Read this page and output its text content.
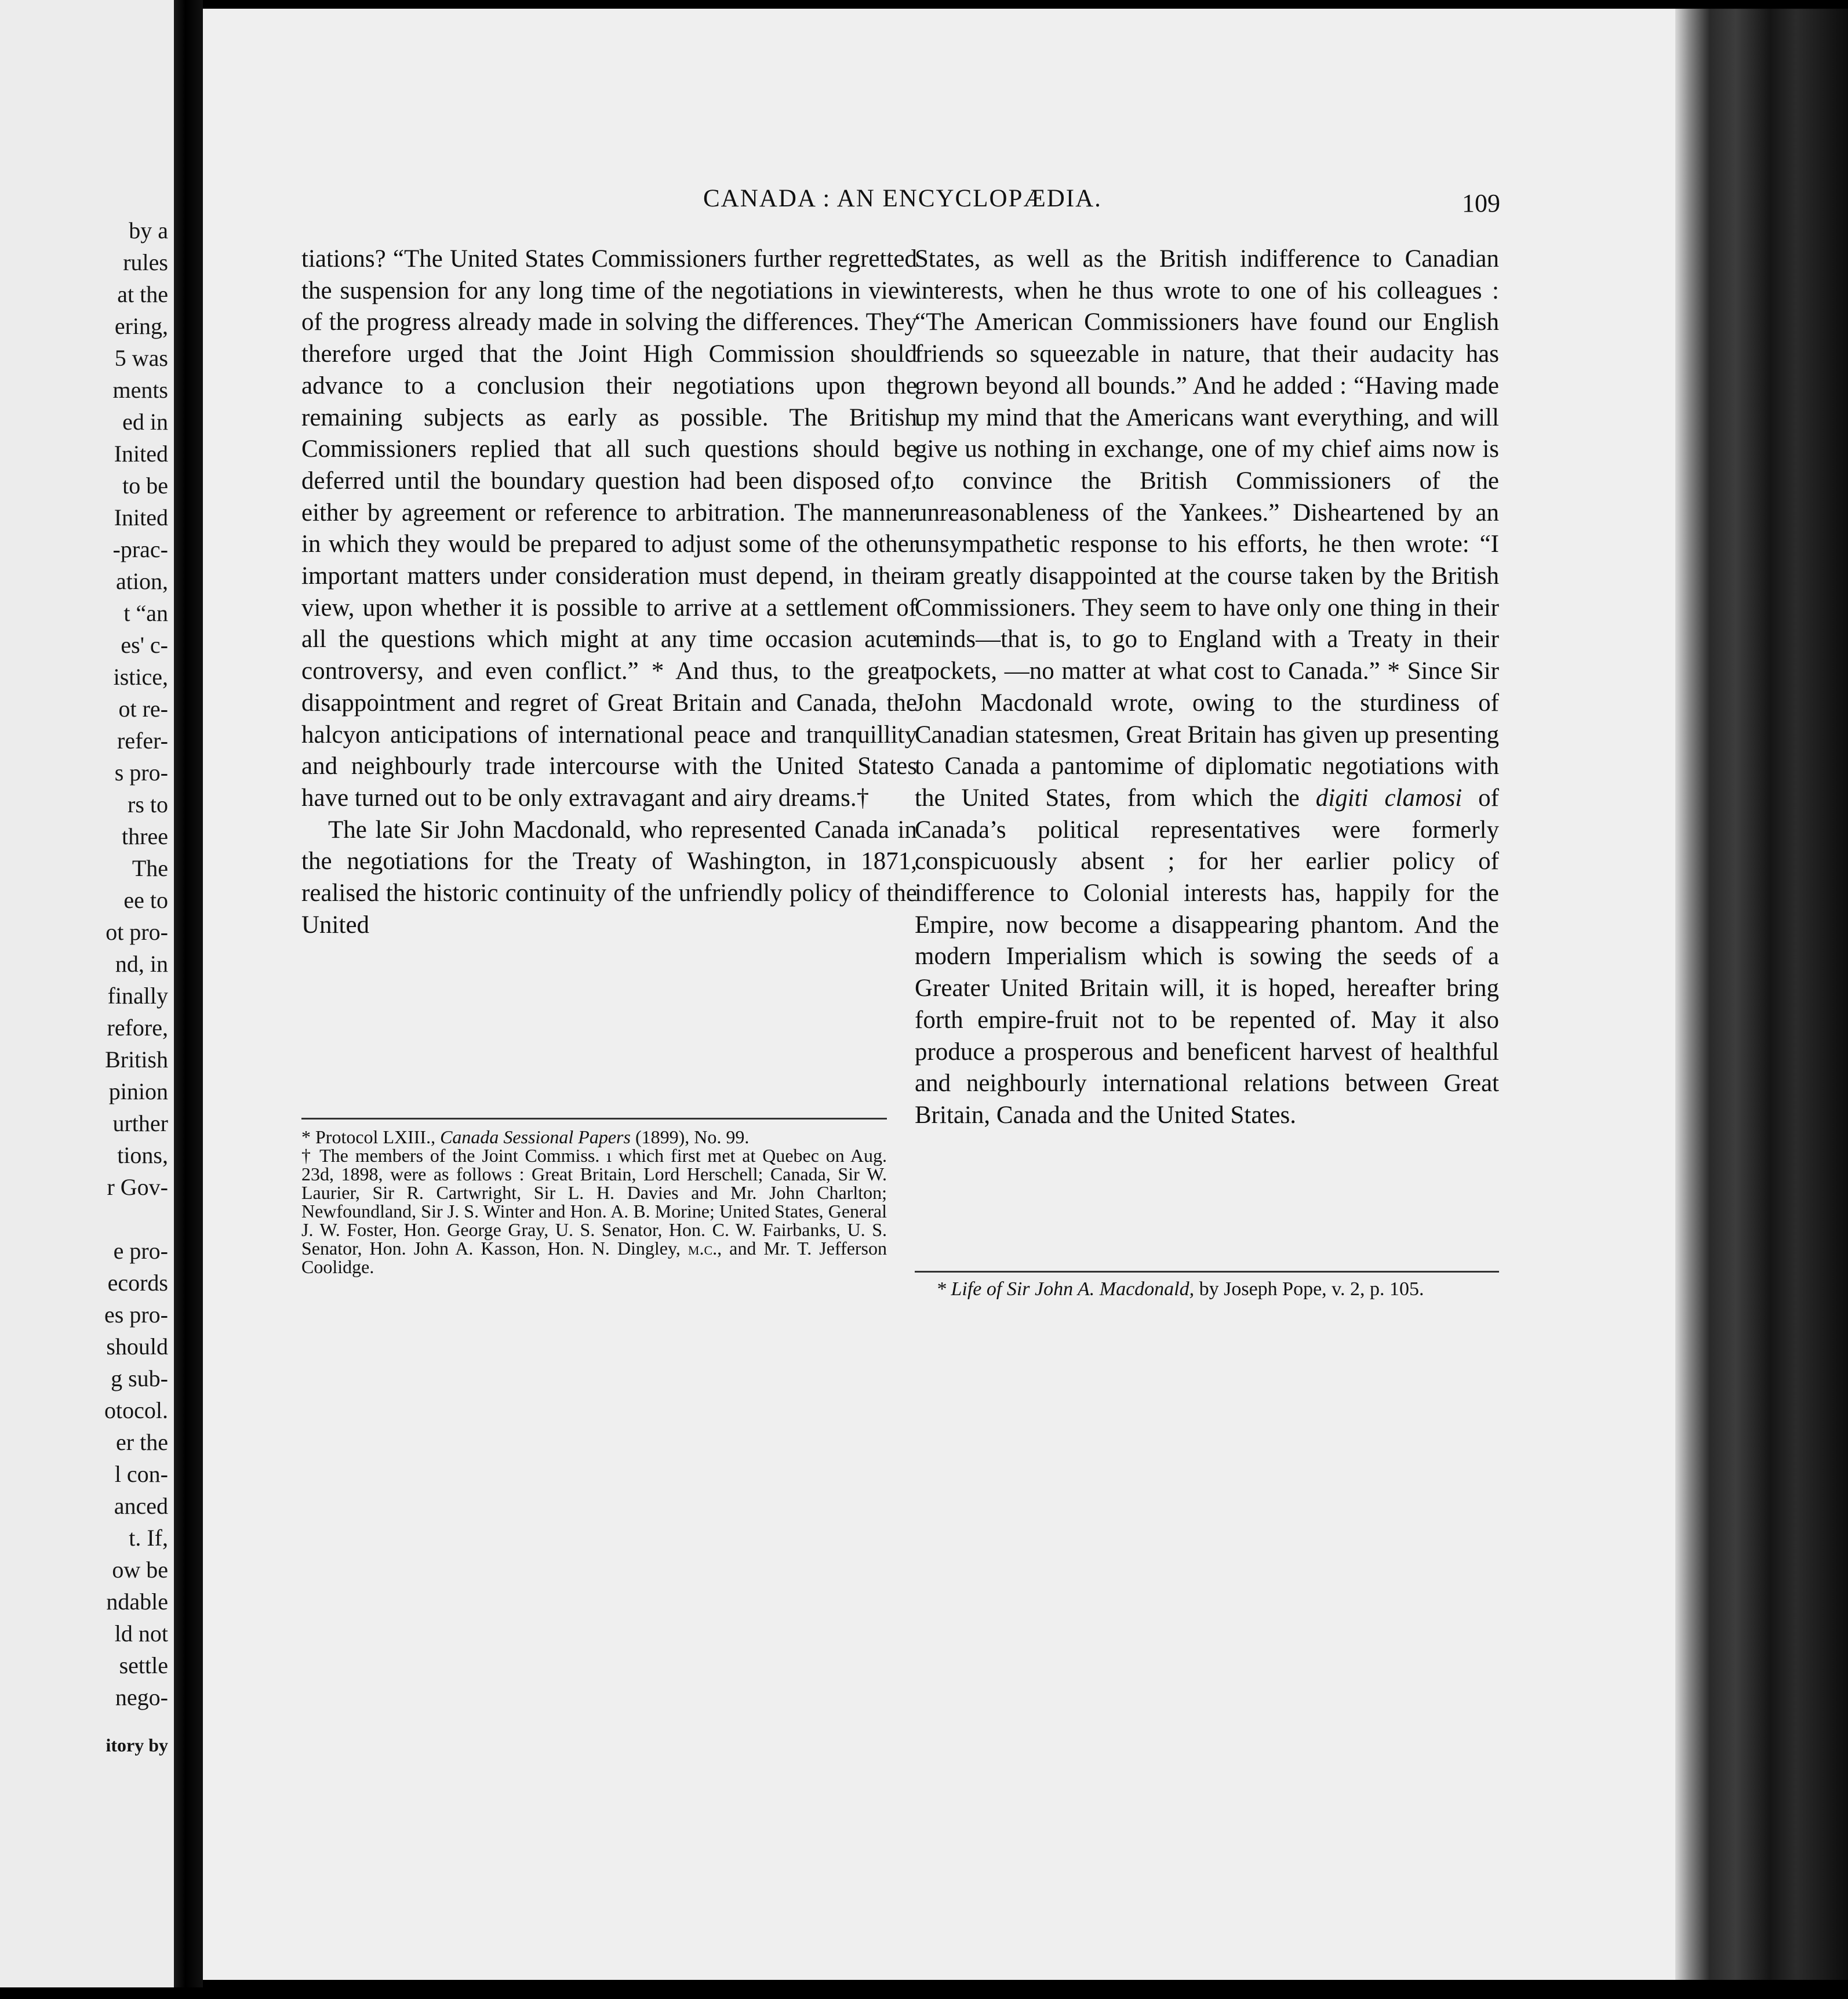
by a
rules
at the
ering,
5 was
ments
ed in
Inited
to be
Inited
-prac-
ation,
t “an
es' c-
istice,
ot re-
refer-
s pro-
rs to
three
The
ee to
ot pro-
nd, in
finally
refore,
British
pinion
urther
tions,
r Gov-
e pro-
ecords
es pro-
should
g sub-
otocol.
er the
l con-
anced
t. If,
ow be
ndable
ld not
settle
nego-
itory by
CANADA : AN ENCYCLOPÆDIA.	109

tiations? “The United States Commissioners further regretted the suspension for any long time of the negotiations in view of the progress already made in solving the differences. They therefore urged that the Joint High Commission should advance to a conclusion their negotiations upon the remaining subjects as early as possible. The British Commissioners replied that all such questions should be deferred until the boundary question had been disposed of, either by agreement or reference to arbitration. The manner in which they would be prepared to adjust some of the other important matters under consideration must depend, in their view, upon whether it is possible to arrive at a settlement of all the questions which might at any time occasion acute controversy, and even conflict.” * And thus, to the great disappointment and regret of Great Britain and Canada, the halcyon anticipations of international peace and tranquillity and neighbourly trade intercourse with the United States have turned out to be only extravagant and airy dreams.†

The late Sir John Macdonald, who represented Canada in the negotiations for the Treaty of Washington, in 1871, realised the historic continuity of the unfriendly policy of the United

States, as well as the British indifference to Canadian interests, when he thus wrote to one of his colleagues : “The American Commissioners have found our English friends so squeezable in nature, that their audacity has grown beyond all bounds.” And he added : “Having made up my mind that the Americans want everything, and will give us nothing in exchange, one of my chief aims now is to convince the British Commissioners of the unreasonableness of the Yankees.” Disheartened by an unsympathetic response to his efforts, he then wrote: “I am greatly disappointed at the course taken by the British Commissioners. They seem to have only one thing in their minds—that is, to go to England with a Treaty in their pockets, —no matter at what cost to Canada.” * Since Sir John Macdonald wrote, owing to the sturdiness of Canadian statesmen, Great Britain has given up presenting to Canada a pantomime of diplomatic negotiations with the United States, from which the digiti clamosi of Canada’s political representatives were formerly conspicuously absent ; for her earlier policy of indifference to Colonial interests has, happily for the Empire, now become a disappearing phantom. And the modern Imperialism which is sowing the seeds of a Greater United Britain will, it is hoped, hereafter bring forth empire-fruit not to be repented of. May it also produce a prosperous and beneficent harvest of healthful and neighbourly international relations between Great Britain, Canada and the United States.

* Protocol LXIII., Canada Sessional Papers (1899), No. 99.

† The members of the Joint Commiss. ı which first met at Quebec on Aug. 23d, 1898, were as follows : Great Britain, Lord Herschell; Canada, Sir W. Laurier, Sir R. Cartwright, Sir L. H. Davies and Mr. John Charlton; Newfoundland, Sir J. S. Winter and Hon. A. B. Morine; United States, General J. W. Foster, Hon. George Gray, U. S. Senator, Hon. C. W. Fairbanks, U. S. Senator, Hon. John A. Kasson, Hon. N. Dingley, m.c., and Mr. T. Jefferson Coolidge.

* Life of Sir John A. Macdonald, by Joseph Pope, v. 2, p. 105.
